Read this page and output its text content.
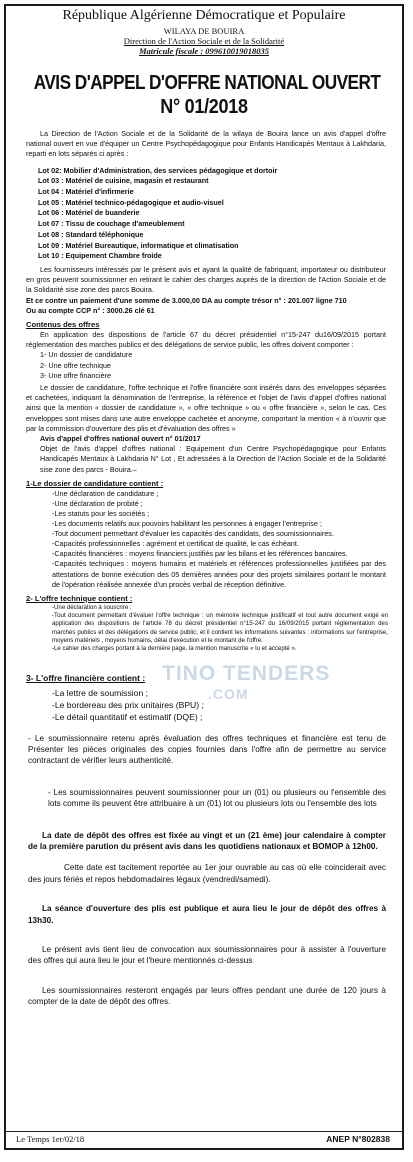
République Algérienne Démocratique et Populaire
WILAYA DE BOUIRA
Direction de l'Action Sociale et de la Solidarité
Matricule fiscale : 099610019018035
AVIS D'APPEL D'OFFRE NATIONAL OUVERT
N° 01/2018
La Direction de l'Action Sociale et de la Solidarité de la wilaya de Bouira lance un avis d'appel d'offre national ouvert en vue d'équiper un Centre Psychopédagogique pour Enfants Handicapés Mentaux à Lakhdaria, reparti en lots séparés ci après :
Lot 02: Mobilier d'Administration, des services pédagogique et dortoir
Lot 03 : Matériel de cuisine, magasin et restaurant
Lot 04 : Matériel d'infirmerie
Lot 05 : Matériel technico-pédagogique et audio-visuel
Lot 06 : Matériel de buanderie
Lot 07 : Tissu de couchage d'ameublement
Lot 08 : Standard téléphonique
Lot 09 : Matériel Bureautique, informatique et climatisation
Lot 10 : Equipement Chambre froide
Les fournisseurs intéressés par le présent avis et ayant la qualité de fabriquant, importateur ou distributeur en gros peuvent soumissionner en retirant le cahier des charges auprès de la direction de l'Action Sociale et de la Solidarité sise zone des parcs Bouira.
Et ce contre un paiement d'une somme de 3.000,00 DA au compte trésor n° : 201.007 ligne 710
Ou au compte CCP n° : 3000.26 clé 61
Contenus des offres
En application des dispositions de l'article 67 du décret présidentiel n°15-247 du16/09/2015 portant réglementation des marches publics et des délégations de service public, les offres doivent comporter :
1- Un dossier de candidature
2- Une offre technique
3- Une offre financière
Le dossier de candidature, l'offre technique et l'offre financière sont insérés dans des enveloppes séparées et cachetées, indiquant la dénomination de l'entreprise, la référence et l'objet de l'avis d'appel d'offres national ainsi que la mention « dossier de candidature », « offre technique » ou « offre financière », selon le cas. Ces enveloppes sont mises dans une autre enveloppe cachetée et anonyme, comportant la mention « à n'ouvrir que par la commission d'ouverture des plis et d'évaluation des offres »
Avis d'appel d'offres national ouvert n° 01/2017
Objet de l'avis d'appel d'offres national : Equipement d'un Centre Psychopédagogique pour Enfants Handicapés Mentaux à Lakhdaria N° Lot , Et adressées à la Direction de l'Action Sociale et de la Solidarité sise zone des parcs - Bouira.–
1-Le dossier de candidature contient :
-Une déclaration de candidature ;
-Une déclaration de probité ;
-Les statuts pour les sociétés ;
-Les documents relatifs aux pouvoirs habilitant les personnes à engager l'entreprise ;
-Tout document permettant d'évaluer les capacités des candidats, des soumissionnaires.
-Capacités professionnelles : agrément et certificat de qualité, le cas échéant.
-Capacités financières : moyens financiers justifiés par les bilans et les références bancaires.
-Capacités techniques : moyens humains et matériels et références professionnelles justifiées par des attestations de bonne exécution des 05 dernières années pour des projets similaires portant le montant de l'opération réalisée annexée d'un procès verbal de réception définitive.
2- L'offre technique contient :
-Une déclaration à souscrire ;
-Tout document permettant d'évaluer l'offre technique : un mémoire technique justificatif et tout autre document exigé en application des dispositions de l'article 78 du décret présidentiel n°15-247 du 16/09/2015 portant réglementation des marchés publics et des délégations de service public; et il contient les informations suivantes : informations sur l'entreprise, moyens matériels , moyens humains, délai d'exécution et le montant de l'offre.
-Le cahier des charges portant à la dernière page, la mention manuscrite « lu et accepté ».
3- L'offre financière contient :
-La lettre de soumission ;
-Le bordereau des prix unitaires (BPU) ;
-Le détail quantitatif et estimatif (DQE) ;
- Le soumissionnaire retenu après évaluation des offres techniques et financière est tenu de Présenter les pièces originales des copies fournies dans l'offre afin de permettre au service contractant de vérifier leurs authenticité.
- Les soumissionnaires peuvent soumissionner pour un (01) ou plusieurs ou l'ensemble des lots comme ils peuvent être attribuaire à un (01) lot ou plusieurs lots ou l'ensemble des lots
La date de dépôt des offres est fixée au vingt et un (21 ème) jour calendaire à compter de la première parution du présent avis dans les quotidiens nationaux et BOMOP à 12h00.
Cette date est tacitement reportée au 1er jour ouvrable au cas où elle coinciderait avec des jours fériés et repos hebdomadaires légaux (vendredi/samedi).
La séance d'ouverture des plis est publique et aura lieu le jour de dépôt des offres à 13h30.
Le présent avis tient lieu de convocation aux soumissionnaires pour à assister à l'ouverture des offres qui aura lieu le jour et l'heure mentionnés ci-dessus
Les soumissionnaires resteront engagés par leurs offres pendant une durée de 120 jours à compter de la date de dépôt des offres.
TINO TENDERS
.COM
Le Temps 1er/02/18	ANEP N°802838
